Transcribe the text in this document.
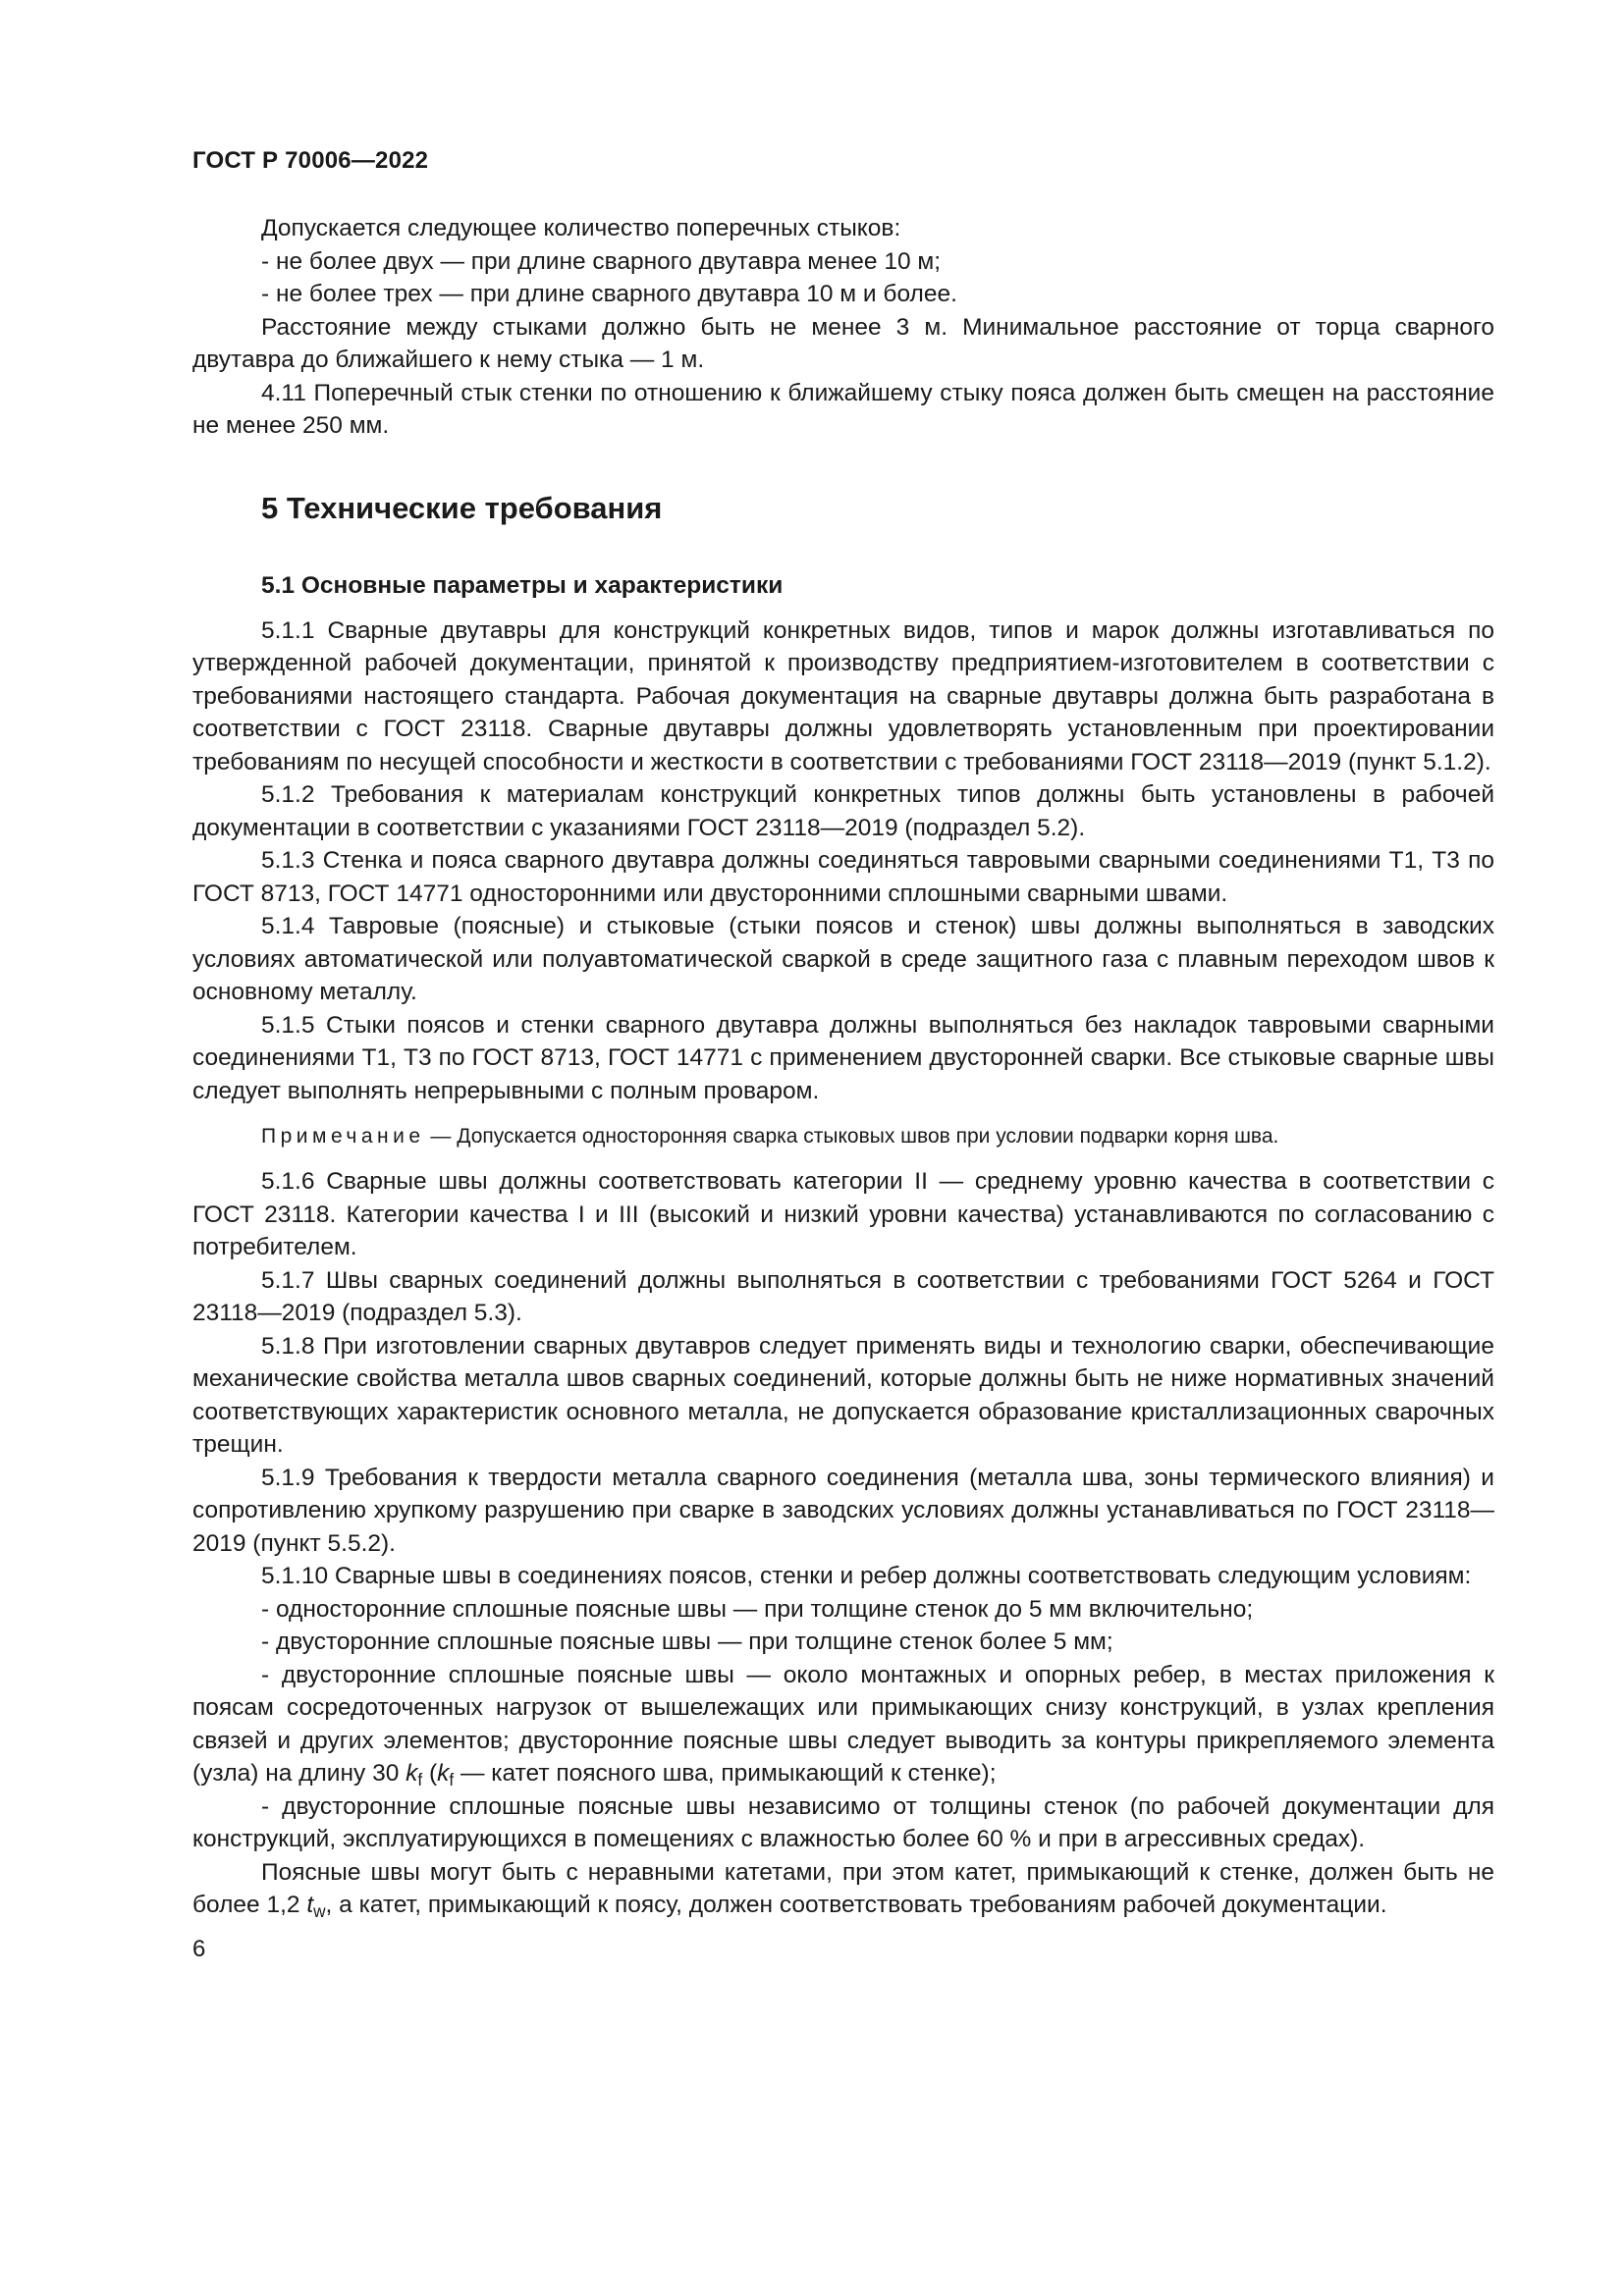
ГОСТ Р 70006—2022

Допускается следующее количество поперечных стыков:

- не более двух — при длине сварного двутавра менее 10 м;

- не более трех — при длине сварного двутавра 10 м и более.

Расстояние между стыками должно быть не менее 3 м. Минимальное расстояние от торца сварного двутавра до ближайшего к нему стыка — 1 м.

4.11 Поперечный стык стенки по отношению к ближайшему стыку пояса должен быть смещен на расстояние не менее 250 мм.

5 Технические требования
5.1 Основные параметры и характеристики

5.1.1 Сварные двутавры для конструкций конкретных видов, типов и марок должны изготавливаться по утвержденной рабочей документации, принятой к производству предприятием-изготовителем в соответствии с требованиями настоящего стандарта. Рабочая документация на сварные двутавры должна быть разработана в соответствии с ГОСТ 23118. Сварные двутавры должны удовлетворять установленным при проектировании требованиям по несущей способности и жесткости в соответствии с требованиями ГОСТ 23118—2019 (пункт 5.1.2).

5.1.2 Требования к материалам конструкций конкретных типов должны быть установлены в рабочей документации в соответствии с указаниями ГОСТ 23118—2019 (подраздел 5.2).

5.1.3 Стенка и пояса сварного двутавра должны соединяться тавровыми сварными соединениями Т1, Т3 по ГОСТ 8713, ГОСТ 14771 односторонними или двусторонними сплошными сварными швами.

5.1.4 Тавровые (поясные) и стыковые (стыки поясов и стенок) швы должны выполняться в заводских условиях автоматической или полуавтоматической сваркой в среде защитного газа с плавным переходом швов к основному металлу.

5.1.5 Стыки поясов и стенки сварного двутавра должны выполняться без накладок тавровыми сварными соединениями Т1, Т3 по ГОСТ 8713, ГОСТ 14771 с применением двусторонней сварки. Все стыковые сварные швы следует выполнять непрерывными с полным проваром.

Примечание — Допускается односторонняя сварка стыковых швов при условии подварки корня шва.

5.1.6 Сварные швы должны соответствовать категории II — среднему уровню качества в соответствии с ГОСТ 23118. Категории качества I и III (высокий и низкий уровни качества) устанавливаются по согласованию с потребителем.

5.1.7 Швы сварных соединений должны выполняться в соответствии с требованиями ГОСТ 5264 и ГОСТ 23118—2019 (подраздел 5.3).

5.1.8 При изготовлении сварных двутавров следует применять виды и технологию сварки, обеспечивающие механические свойства металла швов сварных соединений, которые должны быть не ниже нормативных значений соответствующих характеристик основного металла, не допускается образование кристаллизационных сварочных трещин.

5.1.9 Требования к твердости металла сварного соединения (металла шва, зоны термического влияния) и сопротивлению хрупкому разрушению при сварке в заводских условиях должны устанавливаться по ГОСТ 23118—2019 (пункт 5.5.2).

5.1.10 Сварные швы в соединениях поясов, стенки и ребер должны соответствовать следующим условиям:

- односторонние сплошные поясные швы — при толщине стенок до 5 мм включительно;

- двусторонние сплошные поясные швы — при толщине стенок более 5 мм;

- двусторонние сплошные поясные швы — около монтажных и опорных ребер, в местах приложения к поясам сосредоточенных нагрузок от вышележащих или примыкающих снизу конструкций, в узлах крепления связей и других элементов; двусторонние поясные швы следует выводить за контуры прикрепляемого элемента (узла) на длину 30 $k_f$ ($k_f$ — катет поясного шва, примыкающий к стенке);

- двусторонние сплошные поясные швы независимо от толщины стенок (по рабочей документации для конструкций, эксплуатирующихся в помещениях с влажностью более 60 % и при в агрессивных средах).

Поясные швы могут быть с неравными катетами, при этом катет, примыкающий к стенке, должен быть не более 1,2 $t_w$, а катет, примыкающий к поясу, должен соответствовать требованиям рабочей документации.

6
